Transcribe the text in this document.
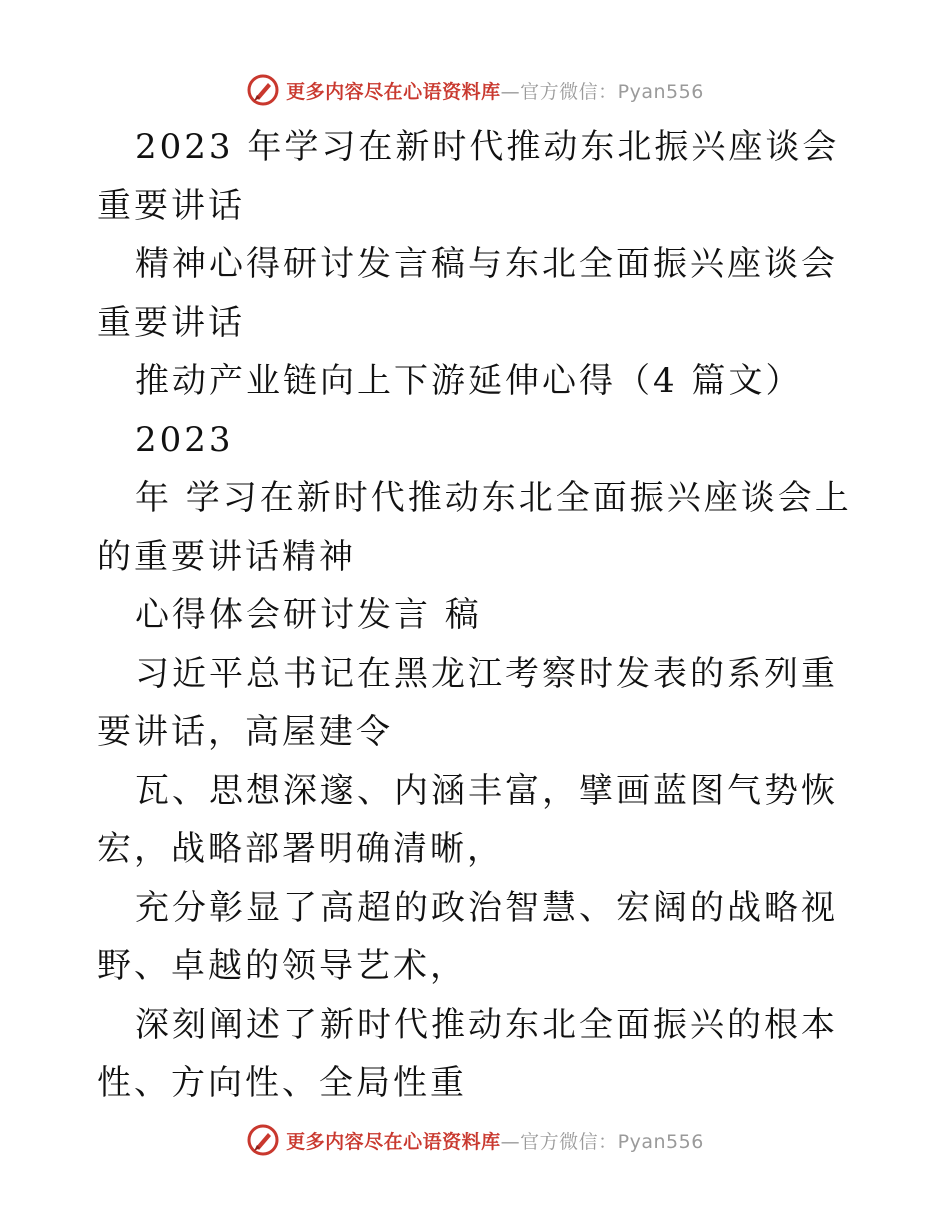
更多内容尽在心语资料库—官方微信：Pyan556

2023 年学习在新时代推动东北振兴座谈会重要讲话

精神心得研讨发言稿与东北全面振兴座谈会重要讲话

推动产业链向上下游延伸心得（4 篇文）

2023

年 学习在新时代推动东北全面振兴座谈会上的重要讲话精神

心得体会研讨发言 稿

习近平总书记在黑龙江考察时发表的系列重要讲话，高屋建令

瓦、思想深邃、内涵丰富，擘画蓝图气势恢宏，战略部署明确清晰，

充分彰显了高超的政治智慧、宏阔的战略视野、卓越的领导艺术，

深刻阐述了新时代推动东北全面振兴的根本性、方向性、全局性重

更多内容尽在心语资料库—官方微信：Pyan556
